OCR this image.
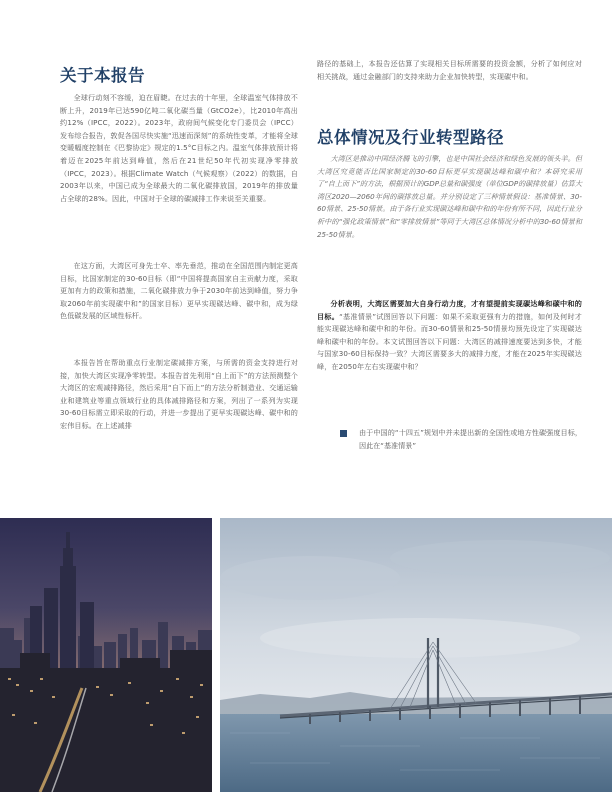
关于本报告

全球行动刻不容缓，迫在眉睫。在过去的十年里，全球温室气体排放不断上升，2019年已达590亿吨二氧化碳当量（GtCO2e），比2010年高出约12%（IPCC，2022）。2023年，政府间气候变化专门委员会（IPCC）发布综合报告，敦促各国尽快实施“迅速而深刻”的系统性变革，才能将全球变暖幅度控制在《巴黎协定》规定的1.5°C目标之内。温室气体排放预计将着迈在2025年前达到峰值，然后在21世纪50年代初实现净零排放（IPCC，2023）。根据Climate Watch（气候观察）（2022）的数据，自2003年以来，中国已成为全球最大的二氧化碳排放国，2019年的排放量占全球的28%。因此，中国对于全球的碳减排工作来说至关重要。

在这方面，大湾区可身先士卒、率先垂范，推动在全国范围内制定更高目标，比国家制定的30-60目标（即“中国将提高国家自主贡献力度，采取更加有力的政策和措施，二氧化碳排放力争于2030年前达到峰值，努力争取2060年前实现碳中和”的国家目标）更早实现碳达峰、碳中和，成为绿色低碳发展的区域性标杆。

本报告旨在帮助重点行业制定碳减排方案，与所需的资金支持进行对接，加快大湾区实现净零转型。本报告首先利用“自上而下”的方法预测整个大湾区的宏观减排路径，然后采用“自下而上”的方法分析制造业、交通运输业和建筑业等重点领域行业的具体减排路径和方案，列出了一系列为实现30-60目标需立即采取的行动，并进一步提出了更早实现碳达峰、碳中和的宏伟目标。在上述减排

路径的基础上，本报告还估算了实现相关目标所需要的投资金额，分析了如何应对相关挑战，通过金融部门的支持来助力企业加快转型，实现碳中和。

总体情况及行业转型路径

大湾区是推动中国经济腾飞的引擎，也是中国社会经济和绿色发展的领头羊。但大湾区究竟能否比国家制定的30-60目标更早实现碳达峰和碳中和？本研究采用了“自上而下”的方法，根据预计的GDP总量和碳强度（单位GDP的碳排放量）估算大湾区2020—2060年间的碳排放总量。并分别设定了三种情景假设：基准情景、30-60情景、25-50情景。由于各行业实现碳达峰和碳中和的年份有所不同，因此行业分析中的“强化政策情景”和“零排放情景”等同于大湾区总体情况分析中的30-60情景和25-50情景。

分析表明，大湾区需要加大自身行动力度，才有望提前实现碳达峰和碳中和的目标。“基准情景”试图回答以下问题：如果不采取更强有力的措施，如何及何时才能实现碳达峰和碳中和的年份。而30-60情景和25-50情景均预先设定了实现碳达峰和碳中和的年份。本文试图回答以下问题：大湾区的减排速度要达到多快，才能与国家30-60目标保持一致？大湾区需要多大的减排力度，才能在2025年实现碳达峰，在2050年左右实现碳中和？

由于中国的“十四五”规划中并未提出新的全国性或地方性碳强度目标，因此在“基准情景”
